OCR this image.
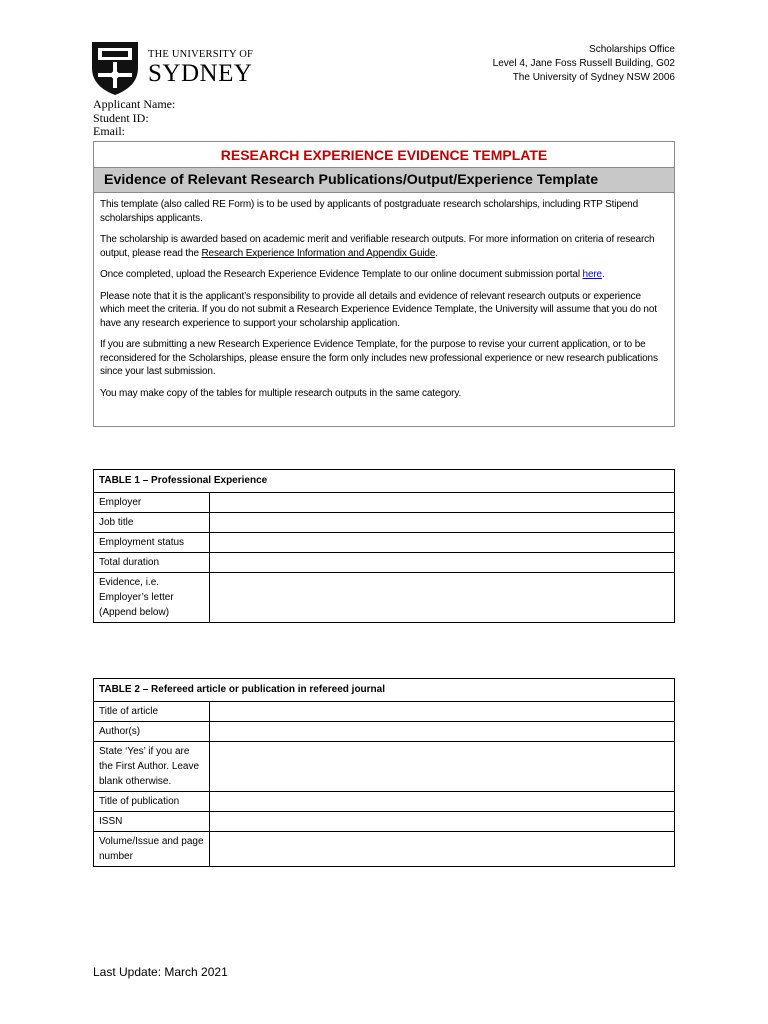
THE UNIVERSITY OF
SYDNEY
Scholarships Office
Level 4, Jane Foss Russell Building, G02
The University of Sydney NSW 2006
Applicant Name:
Student ID:
Email:
RESEARCH EXPERIENCE EVIDENCE TEMPLATE
Evidence of Relevant Research Publications/Output/Experience Template

This template (also called RE Form) is to be used by applicants of postgraduate research scholarships, including RTP Stipend scholarships applicants.

The scholarship is awarded based on academic merit and verifiable research outputs. For more information on criteria of research output, please read the Research Experience Information and Appendix Guide.

Once completed, upload the Research Experience Evidence Template to our online document submission portal here.

Please note that it is the applicant’s responsibility to provide all details and evidence of relevant research outputs or experience which meet the criteria. If you do not submit a Research Experience Evidence Template, the University will assume that you do not have any research experience to support your scholarship application.

If you are submitting a new Research Experience Evidence Template, for the purpose to revise your current application, or to be reconsidered for the Scholarships, please ensure the form only includes new professional experience or new research publications since your last submission.

You may make copy of the tables for multiple research outputs in the same category.

TABLE 1 – Professional Experience	
Employer	
Job title	
Employment status	
Total duration	
Evidence, i.e. Employer’s letter (Append below)	
TABLE 2 – Refereed article or publication in refereed journal	
Title of article	
Author(s)	
State ‘Yes’ if you are the First Author. Leave blank otherwise.	
Title of publication	
ISSN	
Volume/Issue and page number	
Last Update: March 2021
